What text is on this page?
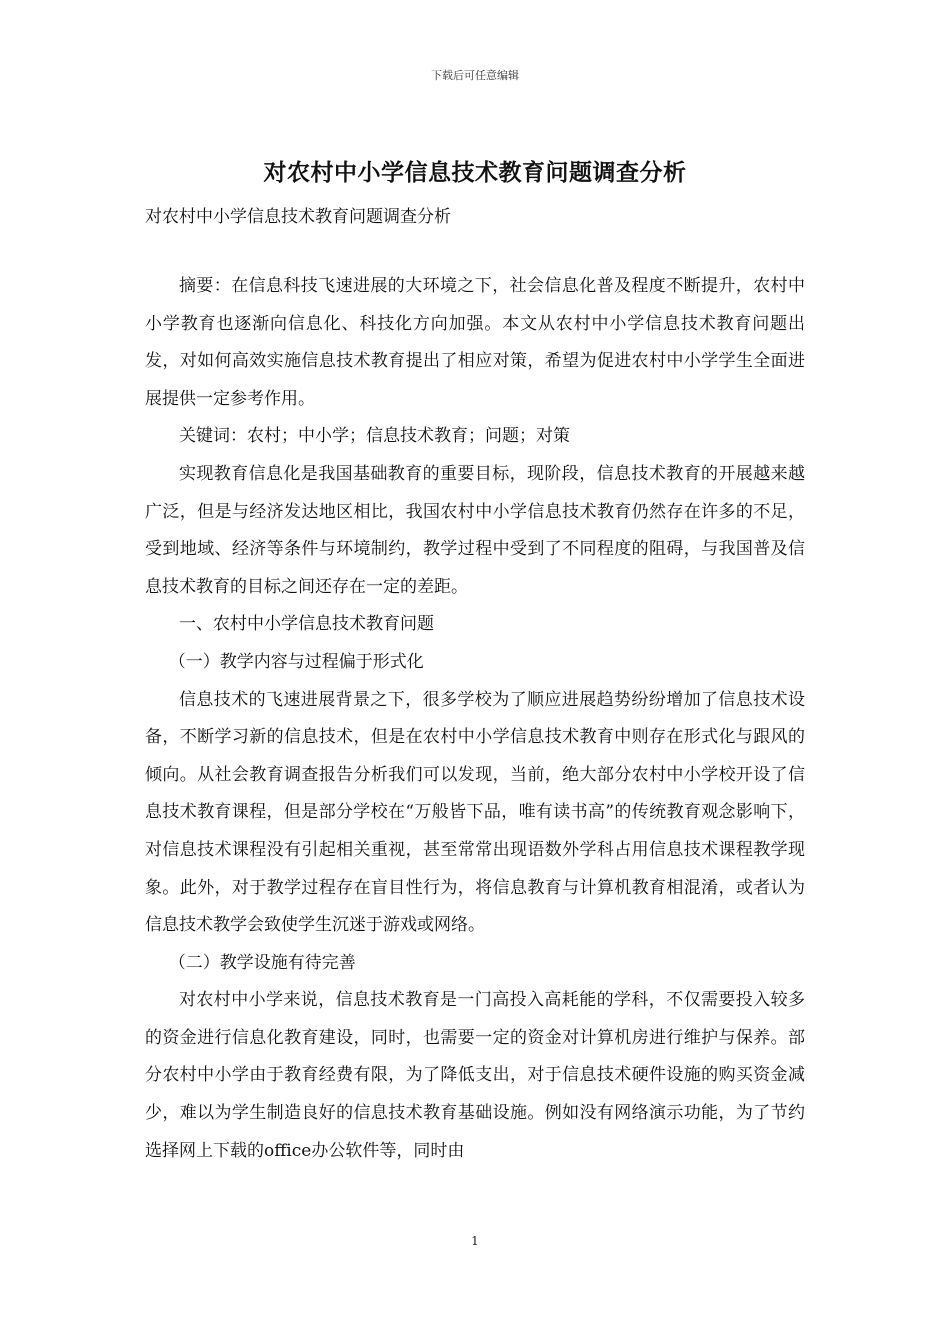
下载后可任意编辑
对农村中小学信息技术教育问题调查分析
对农村中小学信息技术教育问题调查分析

摘要：在信息科技飞速进展的大环境之下，社会信息化普及程度不断提升，农村中小学教育也逐渐向信息化、科技化方向加强。本文从农村中小学信息技术教育问题出发，对如何高效实施信息技术教育提出了相应对策，希望为促进农村中小学学生全面进展提供一定参考作用。

关键词：农村；中小学；信息技术教育；问题；对策

实现教育信息化是我国基础教育的重要目标，现阶段，信息技术教育的开展越来越广泛，但是与经济发达地区相比，我国农村中小学信息技术教育仍然存在许多的不足，受到地域、经济等条件与环境制约，教学过程中受到了不同程度的阻碍，与我国普及信息技术教育的目标之间还存在一定的差距。

一、农村中小学信息技术教育问题

（一）教学内容与过程偏于形式化

信息技术的飞速进展背景之下，很多学校为了顺应进展趋势纷纷增加了信息技术设备，不断学习新的信息技术，但是在农村中小学信息技术教育中则存在形式化与跟风的倾向。从社会教育调查报告分析我们可以发现，当前，绝大部分农村中小学校开设了信息技术教育课程，但是部分学校在“万般皆下品，唯有读书高”的传统教育观念影响下，对信息技术课程没有引起相关重视，甚至常常出现语数外学科占用信息技术课程教学现象。此外，对于教学过程存在盲目性行为，将信息教育与计算机教育相混淆，或者认为信息技术教学会致使学生沉迷于游戏或网络。

（二）教学设施有待完善

对农村中小学来说，信息技术教育是一门高投入高耗能的学科，不仅需要投入较多的资金进行信息化教育建设，同时，也需要一定的资金对计算机房进行维护与保养。部分农村中小学由于教育经费有限，为了降低支出，对于信息技术硬件设施的购买资金减少，难以为学生制造良好的信息技术教育基础设施。例如没有网络演示功能，为了节约选择网上下载的office办公软件等，同时由

1
